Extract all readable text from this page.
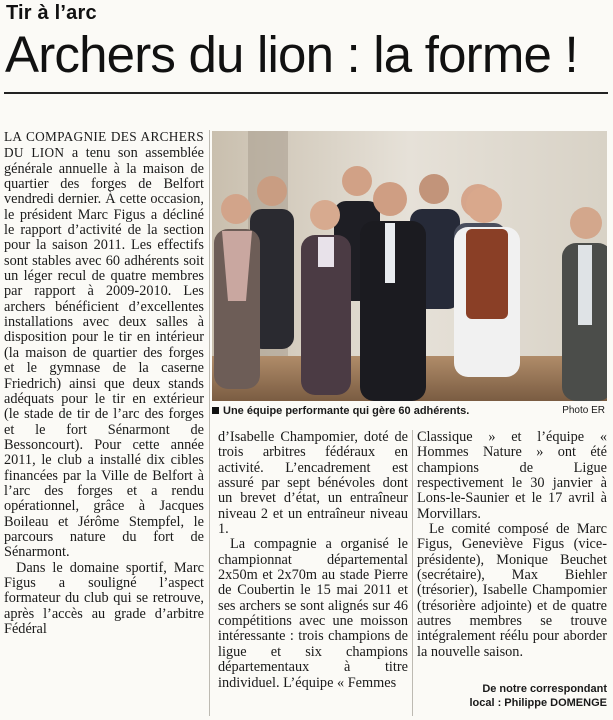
Tir à l’arc
Archers du lion : la forme !

LA COMPAGNIE DES ARCHERS DU LION a tenu son assemblée générale annuelle à la maison de quartier des forges de Belfort vendredi dernier. À cette occasion, le président Marc Figus a décliné le rapport d’activité de la section pour la saison 2011. Les effectifs sont stables avec 60 adhérents soit un léger recul de quatre membres par rapport à 2009-2010. Les archers bénéficient d’excellentes installations avec deux salles à disposition pour le tir en intérieur (la maison de quartier des forges et le gymnase de la caserne Friedrich) ainsi que deux stands adéquats pour le tir en extérieur (le stade de tir de l’arc des forges et le fort Sénarmont de Bessoncourt). Pour cette année 2011, le club a installé dix cibles financées par la Ville de Belfort à l’arc des forges et a rendu opérationnel, grâce à Jacques Boileau et Jérôme Stempfel, le parcours nature du fort de Sénarmont.

Dans le domaine sportif, Marc Figus a souligné l’aspect formateur du club qui se retrouve, après l’accès au grade d’arbitre Fédéral

Une équipe performante qui gère 60 adhérents.	Photo ER

d’Isabelle Champomier, doté de trois arbitres fédéraux en activité. L’encadrement est assuré par sept bénévoles dont un brevet d’état, un entraîneur niveau 2 et un entraîneur niveau 1.

La compagnie a organisé le championnat départemental 2x50m et 2x70m au stade Pierre de Coubertin le 15 mai 2011 et ses archers se sont alignés sur 46 compétitions avec une moisson intéressante : trois champions de ligue et six champions départementaux à titre individuel. L’équipe « Femmes

Classique » et l’équipe « Hommes Nature » ont été champions de Ligue respectivement le 30 janvier à Lons-le-Saunier et le 17 avril à Morvillars.

Le comité composé de Marc Figus, Geneviève Figus (vice-présidente), Monique Beuchet (secrétaire), Max Biehler (trésorier), Isabelle Champomier (trésorière adjointe) et de quatre autres membres se trouve intégralement réélu pour aborder la nouvelle saison.

De notre correspondant
local : Philippe DOMENGE
